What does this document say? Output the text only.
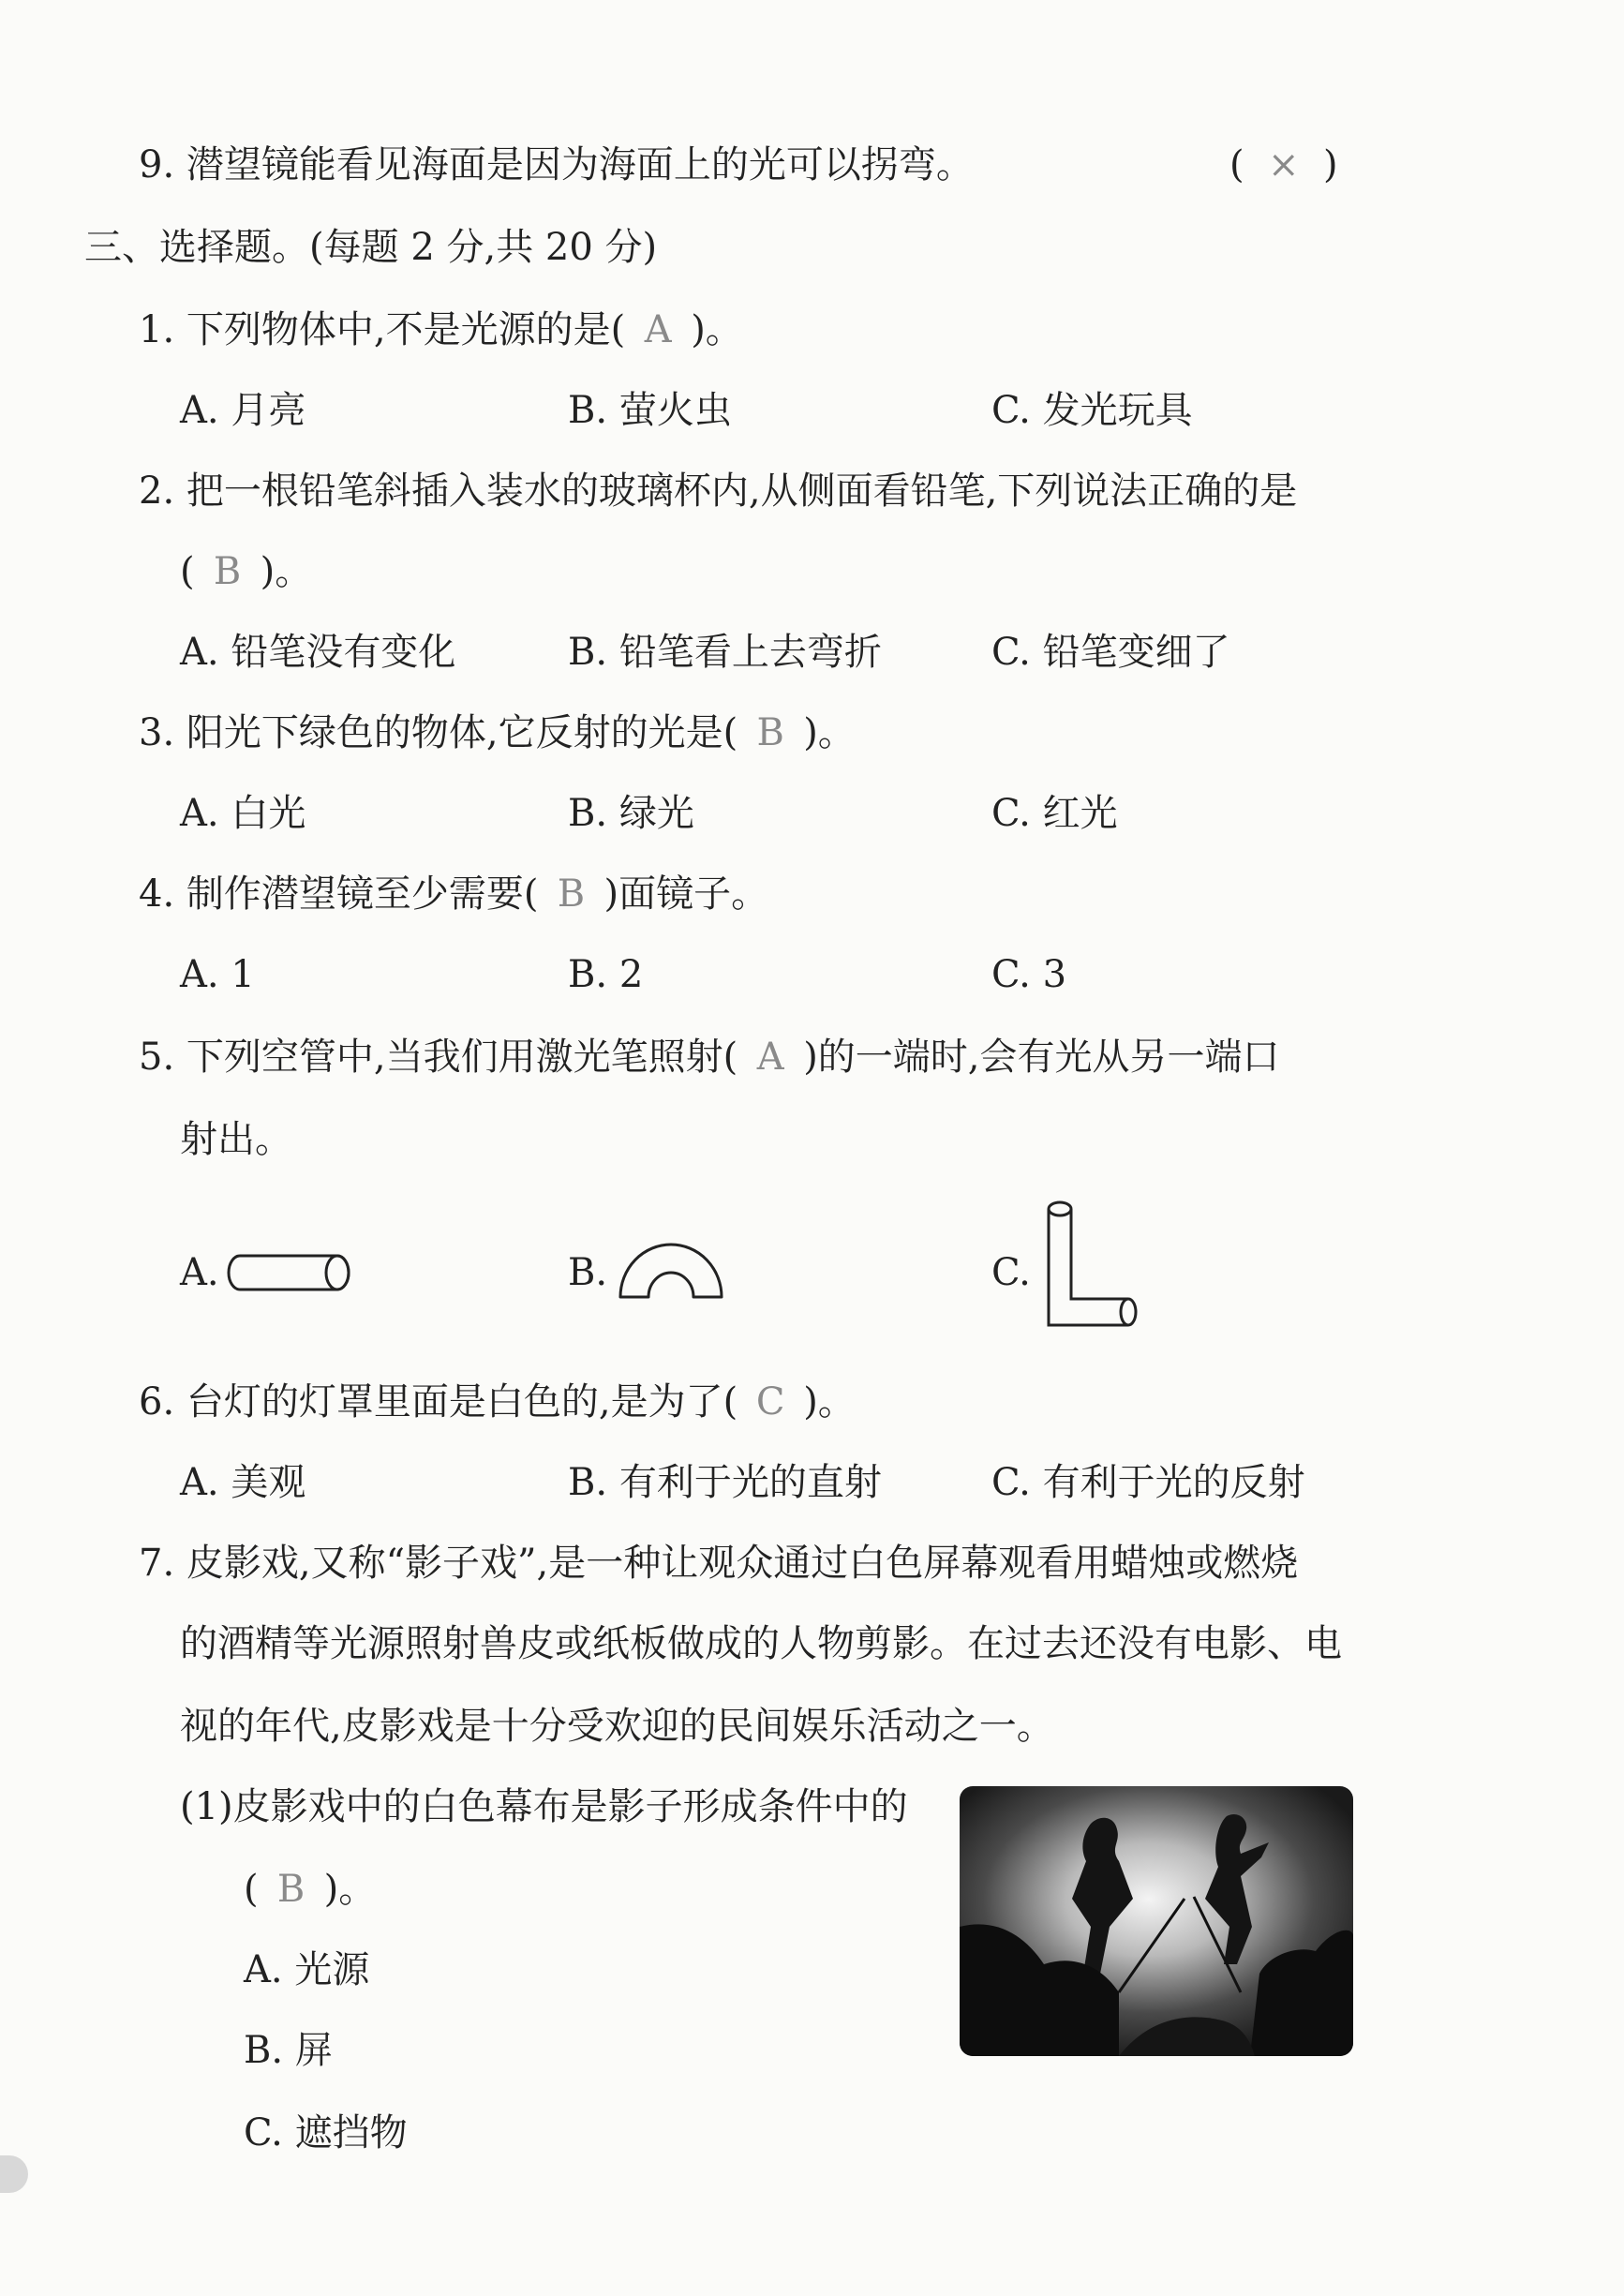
9. 潜望镜能看见海面是因为海面上的光可以拐弯。	( × )
三、选择题。(每题 2 分,共 20 分)
1. 下列物体中,不是光源的是( A )。
A. 月亮	B. 萤火虫	C. 发光玩具
2. 把一根铅笔斜插入装水的玻璃杯内,从侧面看铅笔,下列说法正确的是
( B )。
A. 铅笔没有变化	B. 铅笔看上去弯折	C. 铅笔变细了
3. 阳光下绿色的物体,它反射的光是( B )。
A. 白光	B. 绿光	C. 红光
4. 制作潜望镜至少需要( B )面镜子。
A. 1	B. 2	C. 3
5. 下列空管中,当我们用激光笔照射( A )的一端时,会有光从另一端口
射出。
A.	B.	C.
6. 台灯的灯罩里面是白色的,是为了( C )。
A. 美观	B. 有利于光的直射	C. 有利于光的反射
7. 皮影戏,又称“影子戏”,是一种让观众通过白色屏幕观看用蜡烛或燃烧
的酒精等光源照射兽皮或纸板做成的人物剪影。在过去还没有电影、电
视的年代,皮影戏是十分受欢迎的民间娱乐活动之一。
(1)皮影戏中的白色幕布是影子形成条件中的
( B )。
A. 光源
B. 屏
C. 遮挡物
